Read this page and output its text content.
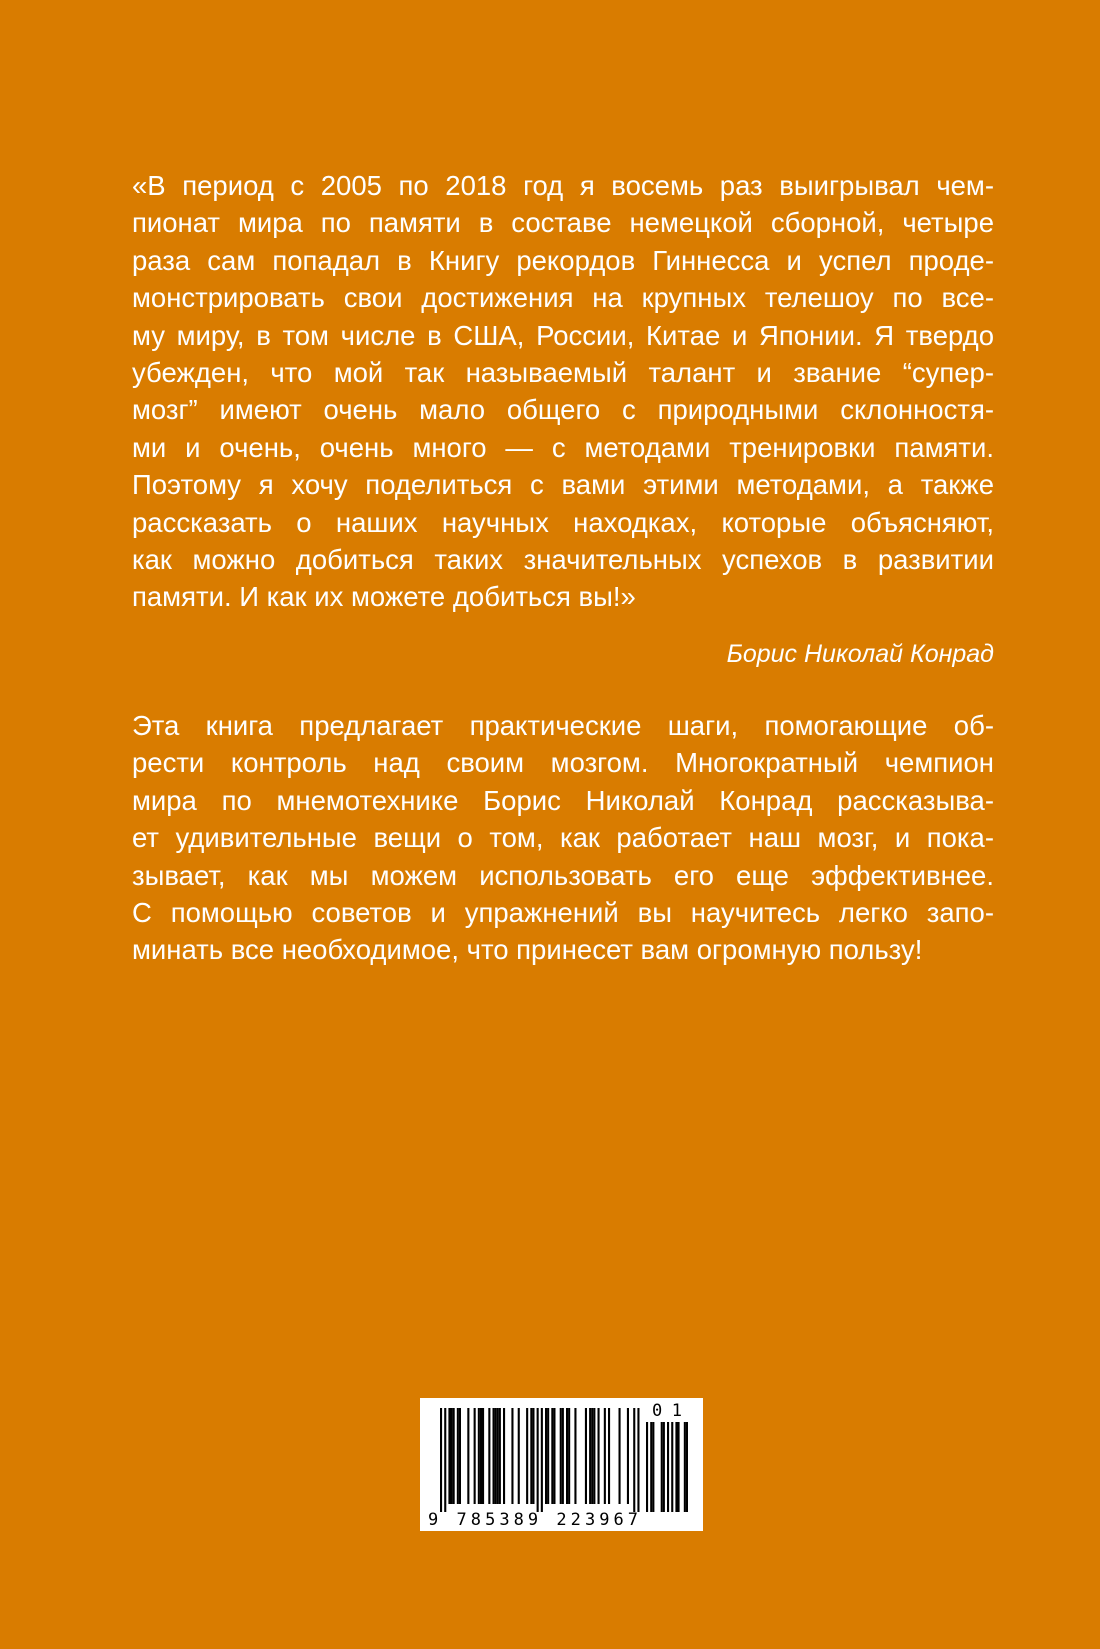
«В период с 2005 по 2018 год я восемь раз выигрывал чем-
пионат мира по памяти в составе немецкой сборной, четыре
раза сам попадал в Книгу рекордов Гиннесса и успел проде-
монстрировать свои достижения на крупных телешоу по все-
му миру, в том числе в США, России, Китае и Японии. Я твердо
убежден, что мой так называемый талант и звание “супер-
мозг” имеют очень мало общего с природными склонностя-
ми и очень, очень много — с методами тренировки памяти.
Поэтому я хочу поделиться с вами этими методами, а также
рассказать о наших научных находках, которые объясняют,
как можно добиться таких значительных успехов в развитии
памяти. И как их можете добиться вы!»

Борис Николай Конрад

Эта книга предлагает практические шаги, помогающие об-
рести контроль над своим мозгом. Многократный чемпион
мира по мнемотехнике Борис Николай Конрад рассказыва-
ет удивительные вещи о том, как работает наш мозг, и пока-
зывает, как мы можем использовать его еще эффективнее.
С помощью советов и упражнений вы научитесь легко запо-
минать все необходимое, что принесет вам огромную пользу!

9 785389 223967
01
